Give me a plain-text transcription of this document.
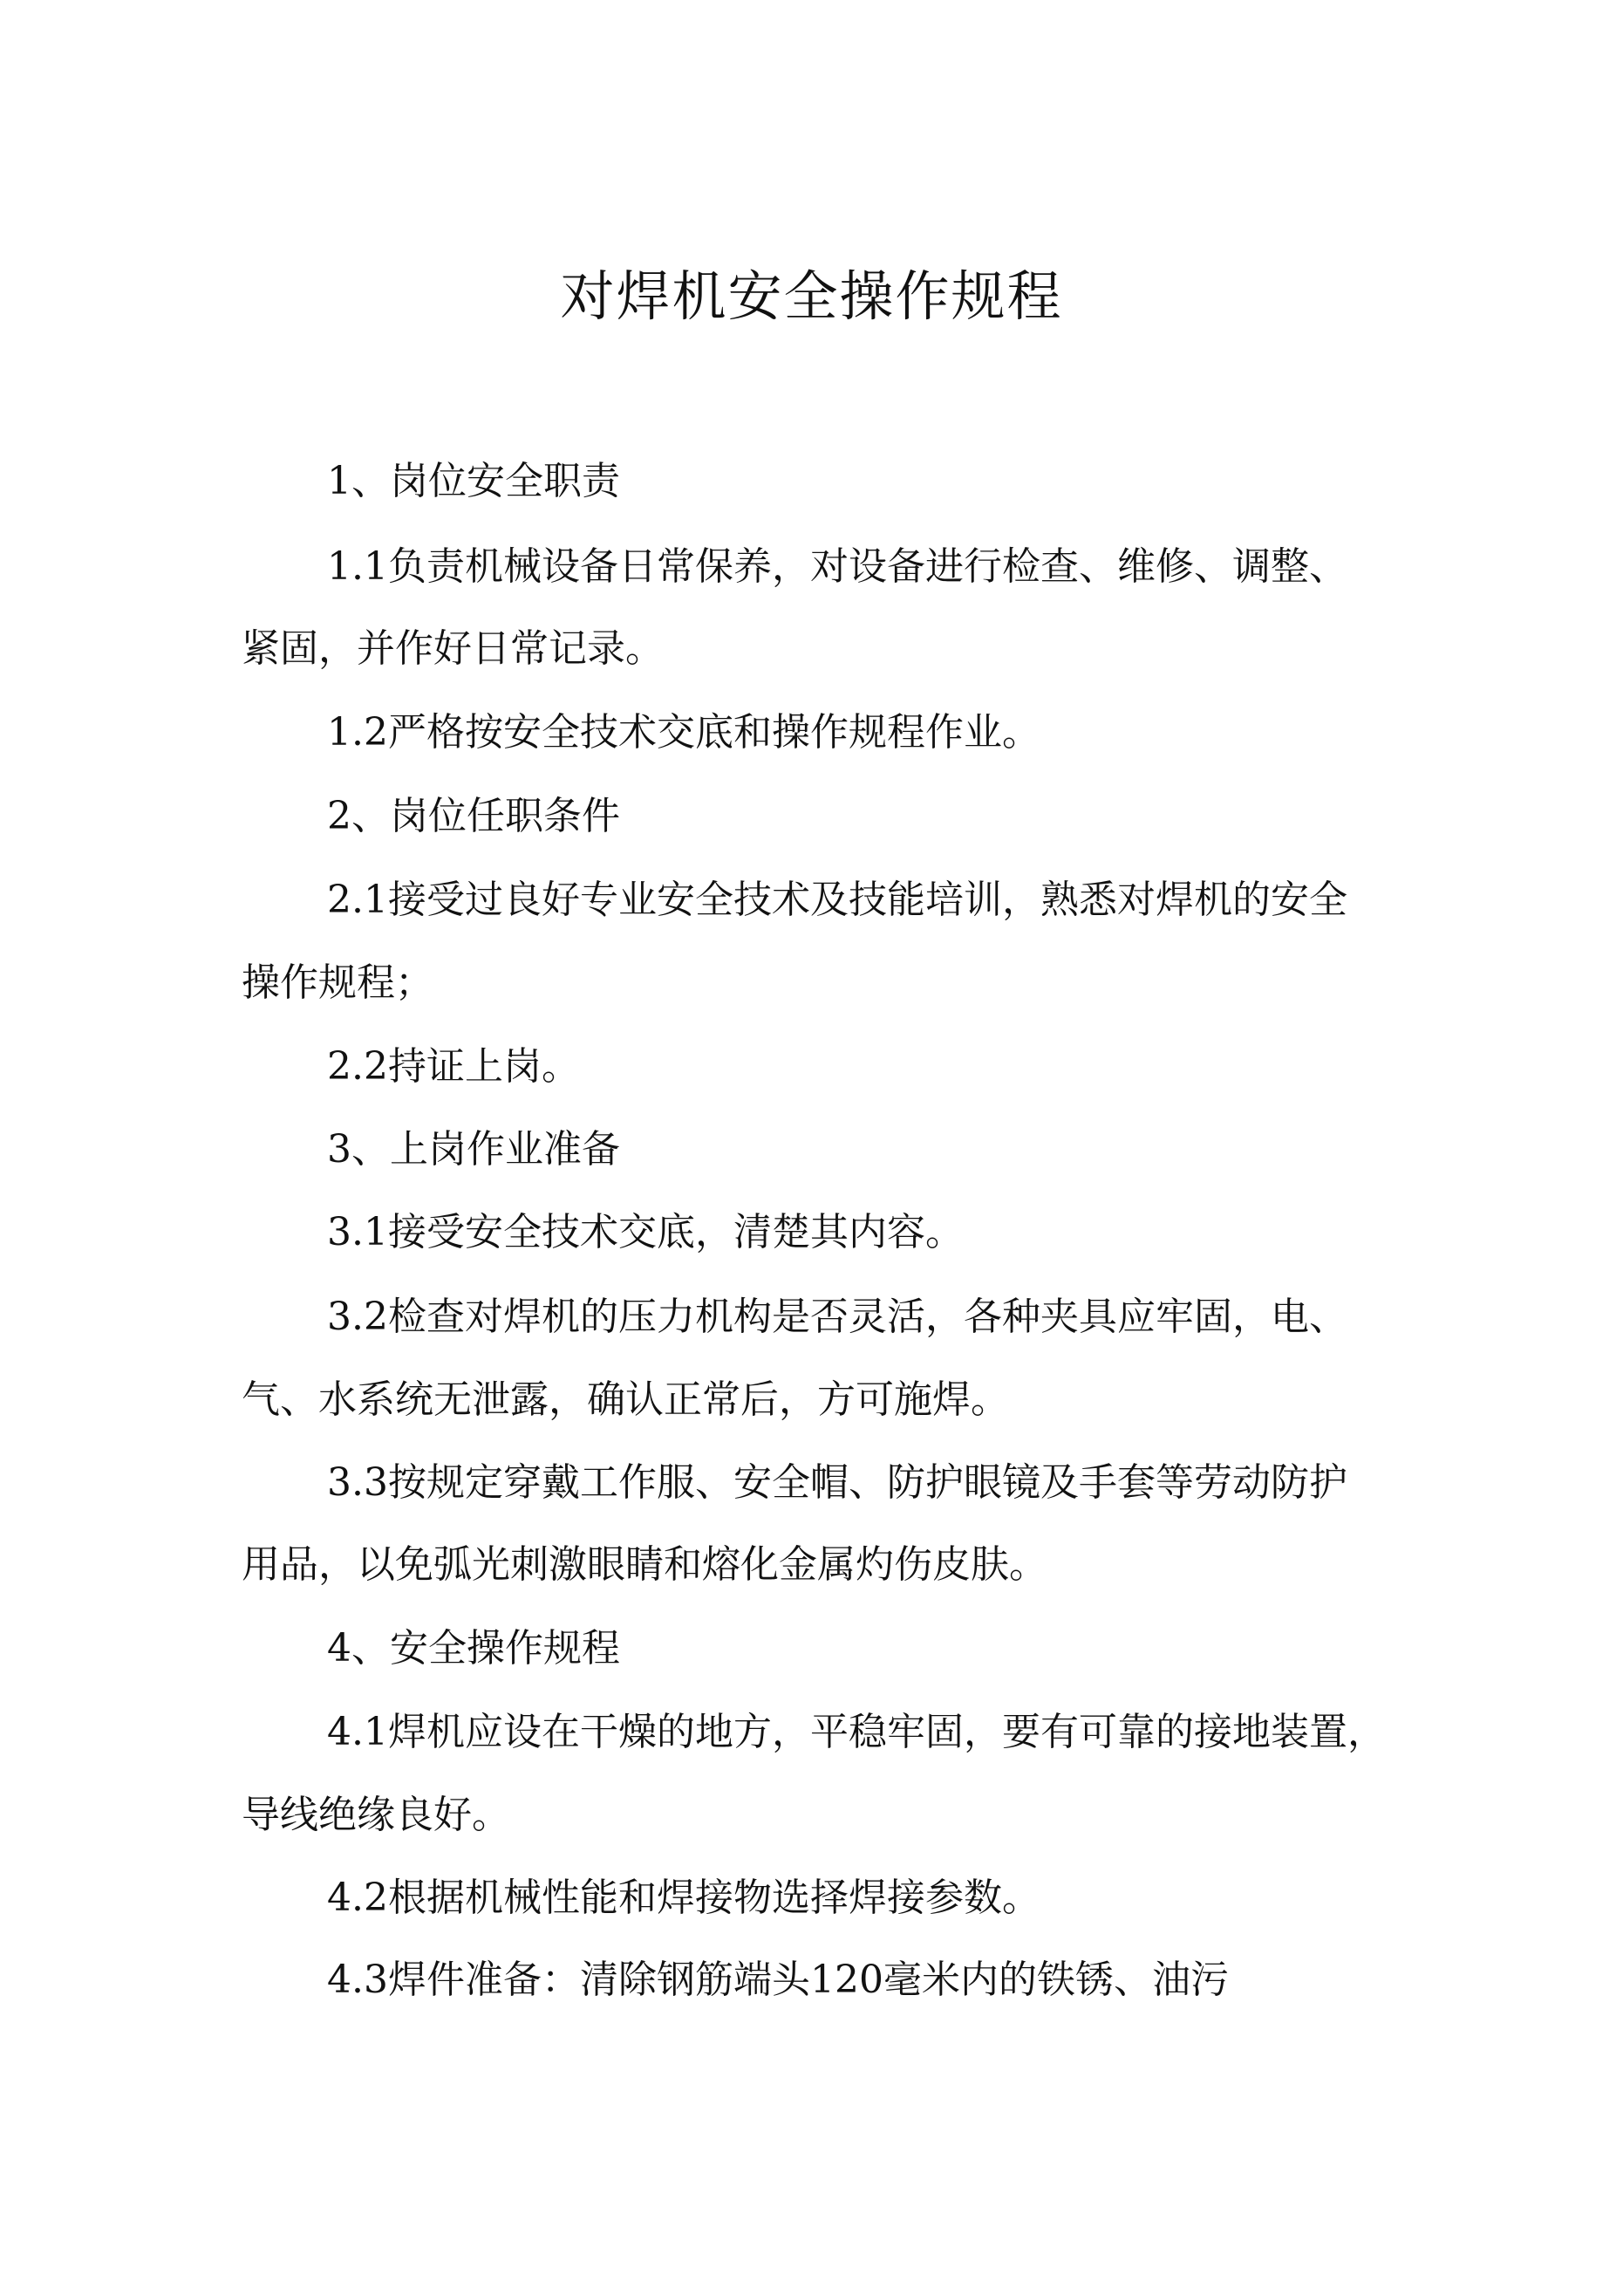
对焊机安全操作规程

1、岗位安全职责

1.1负责机械设备日常保养，对设备进行检查、维修、调整、

紧固，并作好日常记录。

1.2严格按安全技术交底和操作规程作业。

2、岗位任职条件

2.1接受过良好专业安全技术及技能培训，熟悉对焊机的安全

操作规程；

2.2持证上岗。

3、上岗作业准备

3.1接受安全技术交底，清楚其内容。

3.2检查对焊机的压力机构是否灵活，各种夹具应牢固，电、

气、水系统无泄露，确认正常后，方可施焊。

3.3按规定穿戴工作服、安全帽、防护眼镜及手套等劳动防护

用品，以免弧光刺激眼睛和熔化金属灼伤皮肤。

4、安全操作规程

4.1焊机应设在干燥的地方，平稳牢固，要有可靠的接地装置，

导线绝缘良好。

4.2根据机械性能和焊接物选择焊接参数。

4.3焊件准备：清除钢筋端头120毫米内的铁锈、油污
